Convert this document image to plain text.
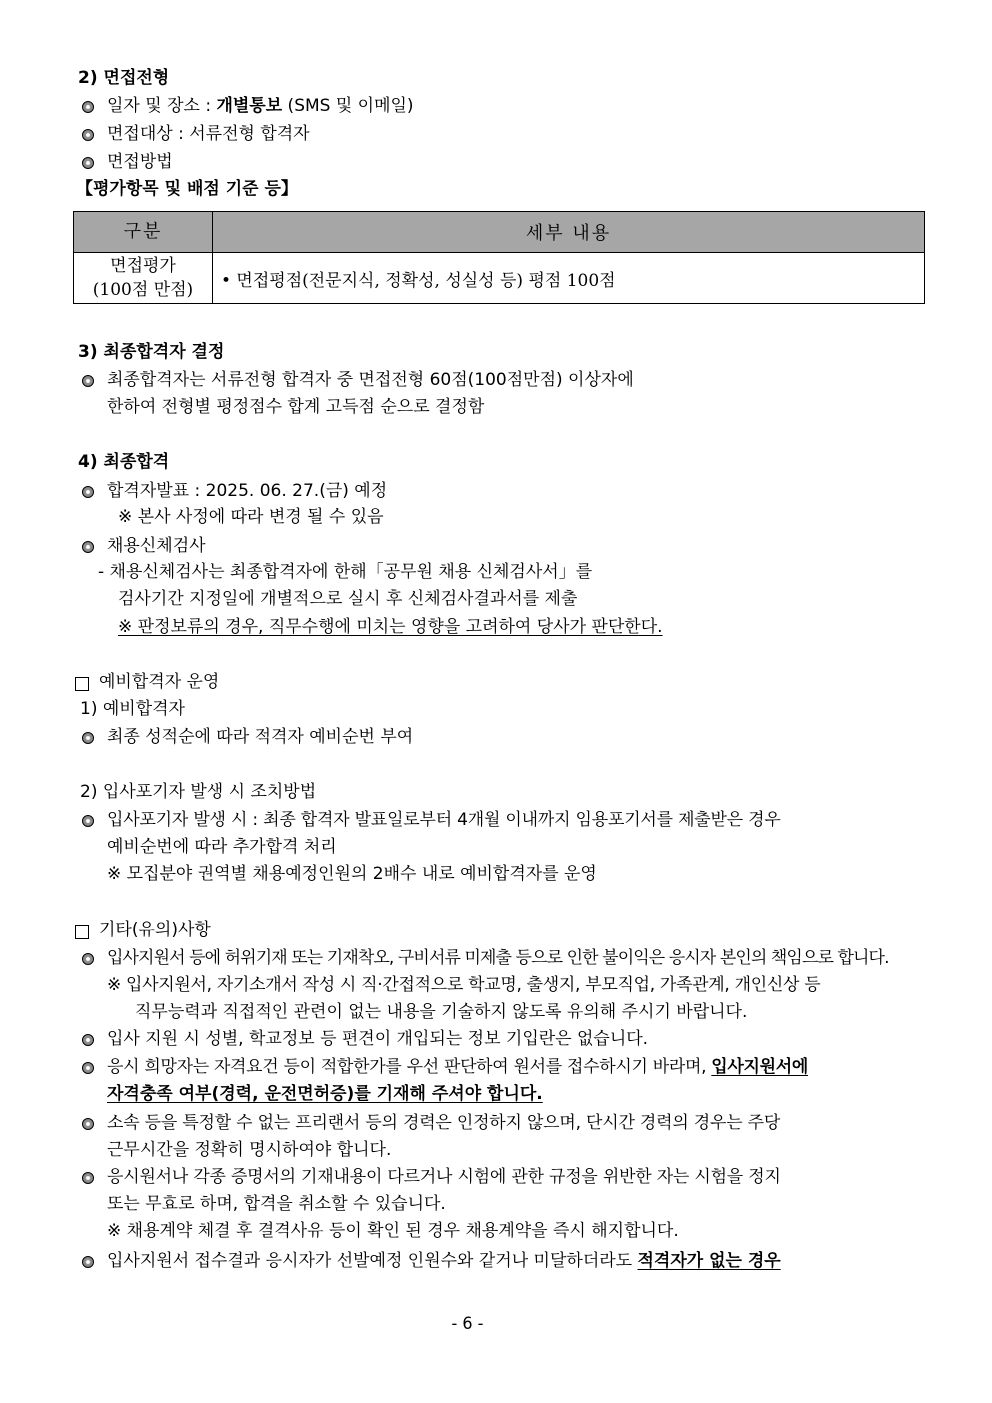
2) 면접전형
일자 및 장소 : 개별통보 (SMS 및 이메일)
면접대상 : 서류전형 합격자
면접방법
【평가항목 및 배점 기준 등】
구분	세부 내용

면접평가
(100점 만점)	• 면접평점(전문지식, 정확성, 성실성 등) 평점 100점
3) 최종합격자 결정
최종합격자는 서류전형 합격자 중 면접전형 60점(100점만점) 이상자에
한하여 전형별 평정점수 합계 고득점 순으로 결정함
4) 최종합격
합격자발표 : 2025. 06. 27.(금) 예정
※ 본사 사정에 따라 변경 될 수 있음
채용신체검사
- 채용신체검사는 최종합격자에 한해「공무원 채용 신체검사서」를
검사기간 지정일에 개별적으로 실시 후 신체검사결과서를 제출
※ 판정보류의 경우, 직무수행에 미치는 영향을 고려하여 당사가 판단한다.
예비합격자 운영
1) 예비합격자
최종 성적순에 따라 적격자 예비순번 부여
2) 입사포기자 발생 시 조치방법
입사포기자 발생 시 : 최종 합격자 발표일로부터 4개월 이내까지 임용포기서를 제출받은 경우
예비순번에 따라 추가합격 처리
※ 모집분야 권역별 채용예정인원의 2배수 내로 예비합격자를 운영
기타(유의)사항
입사지원서 등에 허위기재 또는 기재착오, 구비서류 미제출 등으로 인한 불이익은 응시자 본인의 책임으로 합니다.
※ 입사지원서, 자기소개서 작성 시 직·간접적으로 학교명, 출생지, 부모직업, 가족관계, 개인신상 등
직무능력과 직접적인 관련이 없는 내용을 기술하지 않도록 유의해 주시기 바랍니다.
입사 지원 시 성별, 학교정보 등 편견이 개입되는 정보 기입란은 없습니다.
응시 희망자는 자격요건 등이 적합한가를 우선 판단하여 원서를 접수하시기 바라며, 입사지원서에
자격충족 여부(경력, 운전면허증)를 기재해 주셔야 합니다.
소속 등을 특정할 수 없는 프리랜서 등의 경력은 인정하지 않으며, 단시간 경력의 경우는 주당
근무시간을 정확히 명시하여야 합니다.
응시원서나 각종 증명서의 기재내용이 다르거나 시험에 관한 규정을 위반한 자는 시험을 정지
또는 무효로 하며, 합격을 취소할 수 있습니다.
※ 채용계약 체결 후 결격사유 등이 확인 된 경우 채용계약을 즉시 해지합니다.
입사지원서 접수결과 응시자가 선발예정 인원수와 같거나 미달하더라도 적격자가 없는 경우
- 6 -
